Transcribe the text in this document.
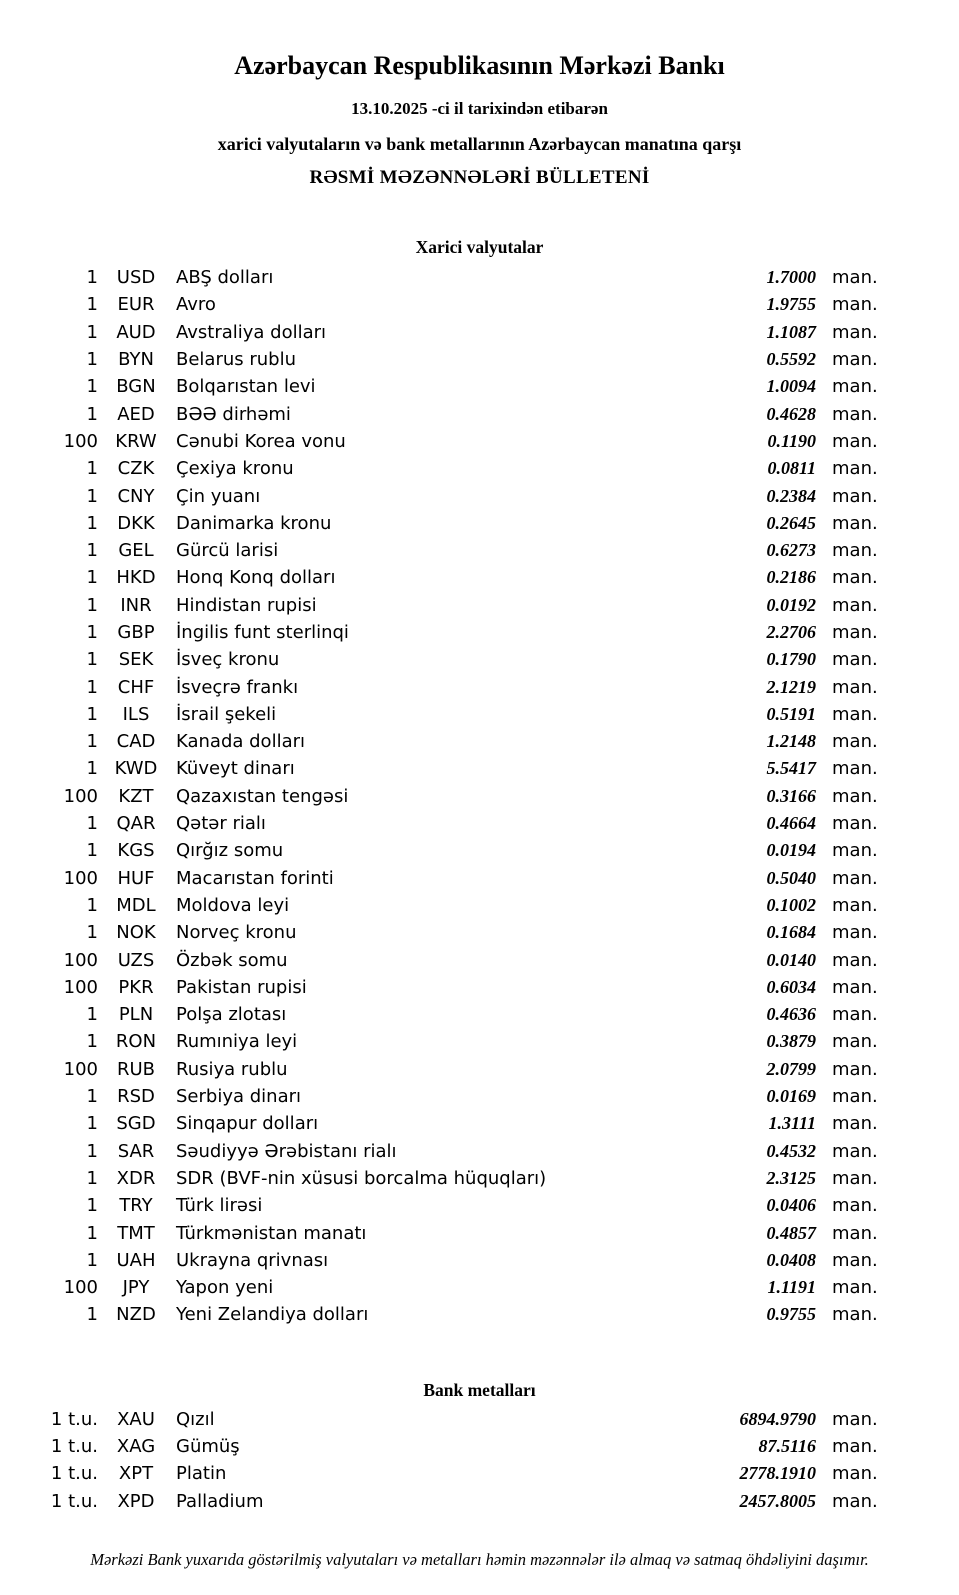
Azərbaycan Respublikasının Mərkəzi Bankı
13.10.2025 -ci il tarixindən etibarən
xarici valyutaların və bank metallarının Azərbaycan manatına qarşı
RƏSMİ MƏZƏNNƏLƏRİ BÜLLETENİ
Xarici valyutalar
1	USD	ABŞ dolları	1.7000 man.
1	EUR	Avro	1.9755 man.
1	AUD	Avstraliya dolları	1.1087 man.
1	BYN	Belarus rublu	0.5592 man.
1	BGN	Bolqarıstan levi	1.0094 man.
1	AED	BƏƏ dirhəmi	0.4628 man.
100 KRW	Cənubi Korea vonu	0.1190 man.
1	CZK	Çexiya kronu	0.0811 man.
1	CNY	Çin yuanı	0.2384 man.
1	DKK	Danimarka kronu	0.2645 man.
1	GEL	Gürcü larisi	0.6273 man.
1	HKD	Honq Konq dolları	0.2186 man.
1	INR	Hindistan rupisi	0.0192 man.
1	GBP	İngilis funt sterlinqi	2.2706 man.
1	SEK	İsveç kronu	0.1790 man.
1	CHF	İsveçrə frankı	2.1219 man.
1	ILS	İsrail şekeli	0.5191 man.
1	CAD	Kanada dolları	1.2148 man.
1 KWD	Küveyt dinarı	5.5417 man.
100	KZT	Qazaxıstan tengəsi	0.3166 man.
1	QAR	Qətər rialı	0.4664 man.
1	KGS	Qırğız somu	0.0194 man.
100	HUF	Macarıstan forinti	0.5040 man.
1	MDL	Moldova leyi	0.1002 man.
1	NOK	Norveç kronu	0.1684 man.
100	UZS	Özbək somu	0.0140 man.
100	PKR	Pakistan rupisi	0.6034 man.
1	PLN	Polşa zlotası	0.4636 man.
1 RON	Rumıniya leyi	0.3879 man.
100	RUB	Rusiya rublu	2.0799 man.
1	RSD	Serbiya dinarı	0.0169 man.
1	SGD	Sinqapur dolları	1.3111 man.
1	SAR	Səudiyyə Ərəbistanı rialı	0.4532 man.
1	XDR	SDR (BVF-nin xüsusi borcalma hüquqları)	2.3125 man.
1	TRY	Türk lirəsi	0.0406 man.
1	TMT	Türkmənistan manatı	0.4857 man.
1	UAH	Ukrayna qrivnası	0.0408 man.
100	JPY	Yapon yeni	1.1191 man.
1	NZD	Yeni Zelandiya dolları	0.9755 man.
Bank metalları
1 t.u.	XAU	Qızıl	6894.9790 man.
1 t.u.	XAG	Gümüş	87.5116 man.
1 t.u.	XPT	Platin	2778.1910 man.
1 t.u.	XPD	Palladium	2457.8005 man.
Mərkəzi Bank yuxarıda göstərilmiş valyutaları və metalları həmin məzənnələr ilə almaq və satmaq öhdəliyini daşımır.
